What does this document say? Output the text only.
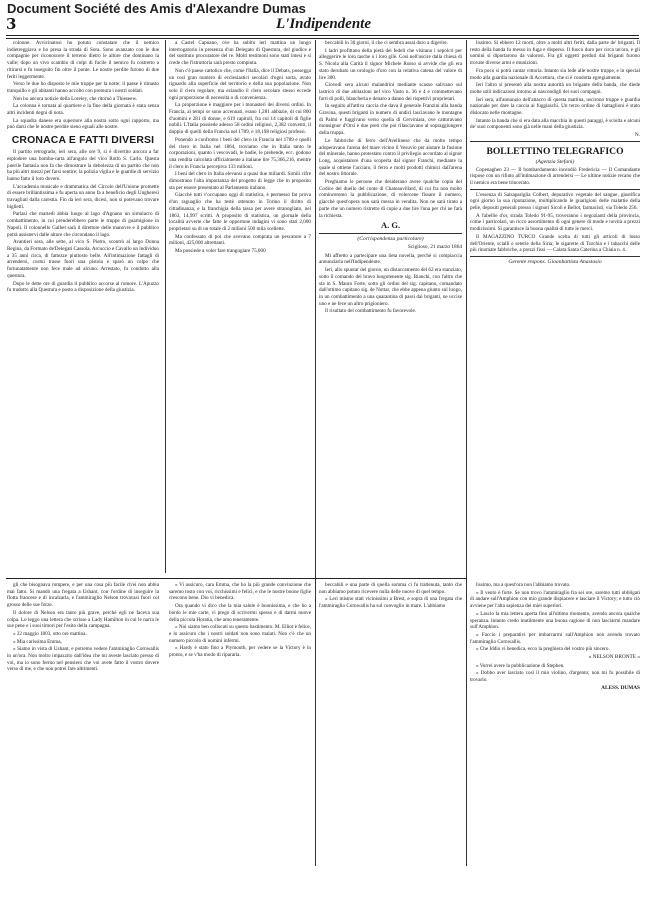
Document Société des Amis d'Alexandre Dumas
3	L'Indipendente

colonne. Avvicinatosi ho potuto constatare che il nemico indietreggiava e ho presa la strada di Sora. Sono avanzato con le due compagnie per riconoscere il terreno dietro le alture che dominano la valle; dopo un vivo scambio di colpi di fucile il nemico fu costretto a ritirarsi e fu inseguito fin oltre il ponte. Le nostre perdite furono di due feriti leggermente.

Verso le due ho disposto le mie truppe per la notte; il paese è rimasto tranquillo e gli abitanti hanno accolto con premura i nostri soldati.

Non ho ancora notizie della Loreley, che ritornò a Thieseew.

La colonna è tornata al quartiere e la fine della giornata è stata senza altri incidenti degni di nota.

La squadra danese era superiore alla nostra sotto ogni rapporto, ma può darsi che le nostre perdite sieno eguali alle nostre.

CRONACA E FATTI DIVERSI

Il partito retrogrado, ieri sera, alle ore 9, si è divertito ancora a far esplodere una bomba-carta all'angolo del vico Rotto S. Carlo. Questa puerile fantasia non fa che dimostrare la debolezza di un partito che non ha più altri mezzi per farsi sentire; la polizia vigila e le guardie di servizio hanno fatto il loro dovere.

L'accademia musicale e drammatica del Circolo dell'Unione promette di essere brillantissima e fu aperta un anno fa a beneficio degli Ungheresi travagliati dalla carestia. Fin da ieri sera, dicesi, non si potevano trovare biglietti.

Parlasi che martedì abbia luogo al lago d'Agnano un simulacro di combattimento, in cui prenderebbero parte le truppe di guarnigione in Napoli. Il colonnello Galbet sarà il direttore delle manovre e il pubblico potrà assistervi dalle alture che circondano il lago.

Avantieri sera, alle sette, al vico S. Pietro, scontrò al largo Donna Regina, da Formato de'Delegati Cassola, Arcuccio e Cavallo un individuo a 35 anni circa, di fattezze piuttosto belle. All'intimazione fattagli di arrendersi, costui trasse fuori una pistola e sparò un colpo che fortunatamente non fece male ad alcuno. Arrestato, fu condotto alla questura.

Dopo le dette ore di guardia il pubblico accorse al rumore. L'Apuzzo fu tradotto alla Questura e posto a disposizione della giustizia.

a Castel Capuano, ove ha subito ieri mattina un lungo interrogatorio in presenza d'un Delegato di Questura, del giudice e del sostituto procuratore del re. Molti testimoni sono stati intesi e si crede che l'istruttoria sarà presto compiuta.

Non c'è paese cattolico che, come l'Italia, dice il Debats, possegga un così gran numero di ecclesiastici secolari d'ogni sorta, avuto riguardo alla superficie del territorio e della sua popolazione. Non solo il clero regolare, ma eziandio il clero secolare stesso eccede ogni proporzione di necessità o di convenienza.

La proporzione è maggiore per i monasteri dei diversi ordini. In Francia, ai tempi or sono accennati, erano 1,281 abbazie, di cui 800 d'uomini e 281 di donne, e 619 capitoli, fra cui 14 capitoli di figlie nobili. L'Italia possiede adesso 58 ordini religiosi, 2,382 conventi, il doppio di quelli della Francia nel 1789, e 18,198 religiosi professi.

Ponendo a confronto i beni del clero in Francia nel 1789 e quelli del clero in Italia nel 1864, troviamo che in Italia tanto le corporazioni, quanto i vescovadi, le badie, le prebende, ecc. godono una rendita calcolata ufficialmente a italiane lire 75,366,216, mentre il clero in Francia percepiva 133 milioni.

I beni del clero in Italia elevansi a quasi due miliardi. Simili cifre dimostrano l'alta importanza del progetto di legge che in proposito sta per essere presentato al Parlamento italiano.

Giacchè tutti v'occupano oggi di statistica, è permesso far prova d'un raguaglio che ha testè ottenuto in Torino il diritto di cittadinanza, e la franchigia della tassa per avere stranogliato, nel 1863, 14,997 scritti. A proposito di statistica, un giornale della località avverte che fatte le opportune indagini vi sono stati 2,000 proprietari su di un totale di 2 milioni 500 mila scellette.

Ma confessato di poi che avevano comprata un pescatore a 7 milioni, 425,000 altrettanti.

Ma possiede a voler fare trangugiare 75,000

beccabili in 30 giorni, il che ci sembra assai duro a digerire.

I ladri profittano della pietà dei fedeli che visitano i sepolcri per alleggerire le loro tasche o i loro gilè. Così nell'uscire dalla chiesa di S. Nicola alla Carità il signor Michele Russo si avvide che gli era stato derubato un orologio d'oro con la relativa catena del valore di lire 300.

Giovedì sera alcuni malandrini mediante scasso salivano sul lastrico di due abitazioni nel vico Vasto n. 36 e 4 e commettevano furti di polli, biancheria e denaro a danno dei rispettivi proprietari.

In seguito all'attiva caccia che dava il generale Franzini alla banda Gravina, questi briganti in numero di undici lasciavano le montagne di Palmi e fuggivano verso quella di Cerviniara, ove catturavano monsignor d'Orsi e due preti che poi rilasciavano al sopraggiungere della truppa.

Le fabbriche di ferro dell'Avellinese che da molto tempo adoperavano l'arena del mare vicino il Vesuvio per aiutare la fusione del minerale, hanno protestato contro il privilegio accordato al signor Long, acquistatore d'una scoperta dal signor Franchi, mediante la quale si ottiene l'acciaro, il ferro e molti prodotti chimici dall'arena del nostro littorale.

Preghiamo le persone che desiderano avere qualche copia del Codice del duello del conte di Chateauvillard, di cui fra non molto cominceremo la pubblicazione, di volercene fissare il numero, giacchè quest'opera non sarà messa in vendita. Non ne sarà tirato a parte che un numero ristretto di copie a due lire l'una per chi ne farà la richiesta.

A. G.
(Corrispondenza particolare)
Sciglioso, 21 marzo 1864

Mi affretto a partecipare una lieta novella, perchè si compiaccia annunziarla nell'Indipendente.

Ieri, allo spuntar del giorno, un distaccamento del 62 era stanziato, sotto il comando del bravo luogotenente sig. Bianchi, con l'altro che sta in S. Mauro Forte, sotto gli ordini del sig. capitano, comandato dall'ottimo capitano sig. de Nottar, che ebbe appena giunto sul luogo, in un combattimento a una quarantina di passi dai briganti, ne uccise uno e ne fece un altro prigioniero.

Il risultato del combattimento fu favorevole.

lissimo. Si ebbero 12 morti, oltre a molti altri feriti, dalla parte de' briganti. Il resto della banda fu messo in fuga e disperso. Il fuoco duro per circa un'ora, e gli uomini si diportarono da valorosi. Fra gli oggetti perduti dai briganti furono trovate diverse armi e munizioni.

Fra poco si potrà cantar vittoria. Intanto sia lode alle nostre truppe, e in special modo alla guardia nazionale di Accettura, che si è condotta egregiamente.

Ieri l'altro si presentò alla nostra autorità un brigante della banda, che diede molte utili indicazioni intorno ai nascondigli dei suoi compagni.

Ieri sera, all'annunzio dell'attacco di questa mattina, uscirono truppe e guardia nazionale per dare la caccia ai fuggiaschi. Un terzo ordine di battaglioni è stato dislocato nelle montagne.

Intanto la banda che si era data alla macchia in questi paraggi, è sciolta e alcuni de' suoi componenti sono già nelle mani della giustizia.

N.
BOLLETTINO TELEGRAFICO
(Agenzia Stefani)

Copenaghen 23 — Il bombardamento incendiò Fredericia — Il Comandante rispose con un rifiuto all'intimazione di arrendersi — Le ultime notizie recano che il nemico era bene trincerato.

L'essenza di Salsapariglia Colbert, depurativo vegetale del sangue, giustifica ogni giorno la sua riputazione, moltiplicando le guarigioni delle malattie della pelle, depositi generali presso i signori Sicoli e Bellot, farmacisti, via Toledo 256.

A l'abellie d'or, strada Toledo 91-95, troveranno i negozianti della provincia, come i particolari, un ricco assortimento di ogni genere di mode e novità a prezzi modicissimi. Si garantisce la buona qualità di tutte le merci.

Il MAGAZZINO TURCO Grande scelta di tutti gli articoli di lusso dell'Oriente, sciallì e seterie della Siria; le sigarette di Turchia e i tabacchi delle più rinomate fabbriche, a prezzi fissi — Calata Santa Caterina a Chiaia n. 4.

Gerente respons. Gioanbattista Anastasio

gli che bisognava rompere, e per una cosa più facile ch'ei non abbia mai fatto. Si mandò una fregata a Ushant, con l'ordine di inseguire la flotta francese e di incalzarla, e l'ammiraglio Nelson trovavasi fuori col grosso delle sue forze.

Il dolore di Nelson era tanto più grave, perchè egli ne faceva sua colpa. Lo leggo una lettera che scrisse a Lady Hamilton in cui le narra le sue pene e i suoi timori per l'esito della campagna.

« 22 maggio 1803, otto ore mattina.

« Mia carissima Emma,

« Siamo in vista di Ushant, e potremo vedere l'ammiraglio Cornwallis in un'ora. Non molto impazzito dall'idea che mi aveste lasciato presso di voi, ma io sono fermo nel pensiero che voi avete fatto il vostro dovere verso di me, e che non potrei fare altrimenti.

« Vi assicuro, cara Emma, che ho la più grande convinzione che saremo tosto con voi, ricchissimi e felici, e che le nostre buone figlie crescono bene. Dio vi benedica.

Ora quando vi dico che la mia salute è buonissima, e che ho a bordo le mie carte, vi prego di scrivermi spesso e di darmi nuove della piccola Horatia, che amo teneramente.

« Noi siamo ben collocati su questo bastimento. M. Elliot è felice, e lo assicuro che i nostri soldati non sono malati. Non c'è che un numero piccolo di uomini infermi.

« Hardy è stato fino a Plymouth, per vedere se la Victory è in pronto, e se v'ha modo di ripararla.

beccabili e una parte di quella somma ci fu trattenuta, tanto che non abbiamo potuto ricevere nulla delle nuove di quel tempo.

« Leri mismo stati vicinissimi a Brest, e sopra di una fregata che l'ammiraglio Cornwallis ha sul convoglio in mare. L'abbiamo

lissimo, ma a quest'ora non l'abbiamo trovato.

« Il vento è forte. Se non trovo l'ammiraglio fra sei ore, saremo tutti obbligati di andare sull'Amphion con mio grande dispiacere e lasciare il Victory; e tutto ciò avviene per l'alta sapienza dei miei superiori.

« Lascio la mia lettera aperta fino all'ultimo momento, avendo ancora qualche speranza. Intanto credo inutilmente una buona ragione di non lasciarmi mandare sull'Amphion.

« Faccio i preparativi per imbarcarmi sull'Amphion non avendo trovato l'ammiraglio Cornwallis.

« Che Iddio vi benedica, ecco la preghiera del vostro più sincero.

« NELSON BRONTE »

« Vorrei avere la pubblicazione di Stephen.

« Dobbo aver lasciato così il mio violino, d'argento; non mi fu possibile di trovarlo.

ALESS. DUMAS
